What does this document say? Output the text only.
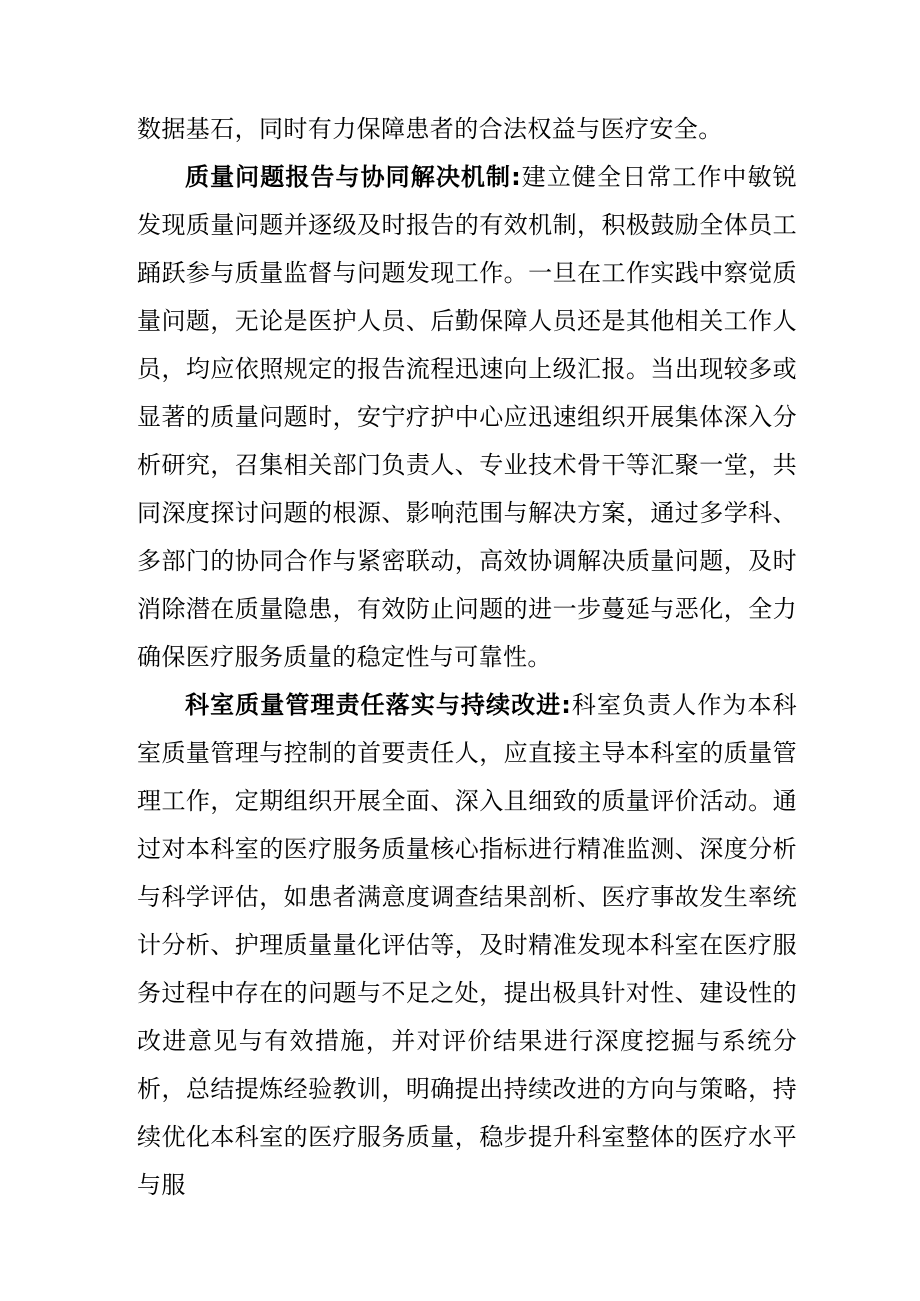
数据基石，同时有力保障患者的合法权益与医疗安全。

质量问题报告与协同解决机制:建立健全日常工作中敏锐发现质量问题并逐级及时报告的有效机制，积极鼓励全体员工踊跃参与质量监督与问题发现工作。一旦在工作实践中察觉质量问题，无论是医护人员、后勤保障人员还是其他相关工作人员，均应依照规定的报告流程迅速向上级汇报。当出现较多或显著的质量问题时，安宁疗护中心应迅速组织开展集体深入分析研究，召集相关部门负责人、专业技术骨干等汇聚一堂，共同深度探讨问题的根源、影响范围与解决方案，通过多学科、多部门的协同合作与紧密联动，高效协调解决质量问题，及时消除潜在质量隐患，有效防止问题的进一步蔓延与恶化，全力确保医疗服务质量的稳定性与可靠性。

科室质量管理责任落实与持续改进:科室负责人作为本科室质量管理与控制的首要责任人，应直接主导本科室的质量管理工作，定期组织开展全面、深入且细致的质量评价活动。通过对本科室的医疗服务质量核心指标进行精准监测、深度分析与科学评估，如患者满意度调查结果剖析、医疗事故发生率统计分析、护理质量量化评估等，及时精准发现本科室在医疗服务过程中存在的问题与不足之处，提出极具针对性、建设性的改进意见与有效措施，并对评价结果进行深度挖掘与系统分析，总结提炼经验教训，明确提出持续改进的方向与策略，持续优化本科室的医疗服务质量，稳步提升科室整体的医疗水平与服
